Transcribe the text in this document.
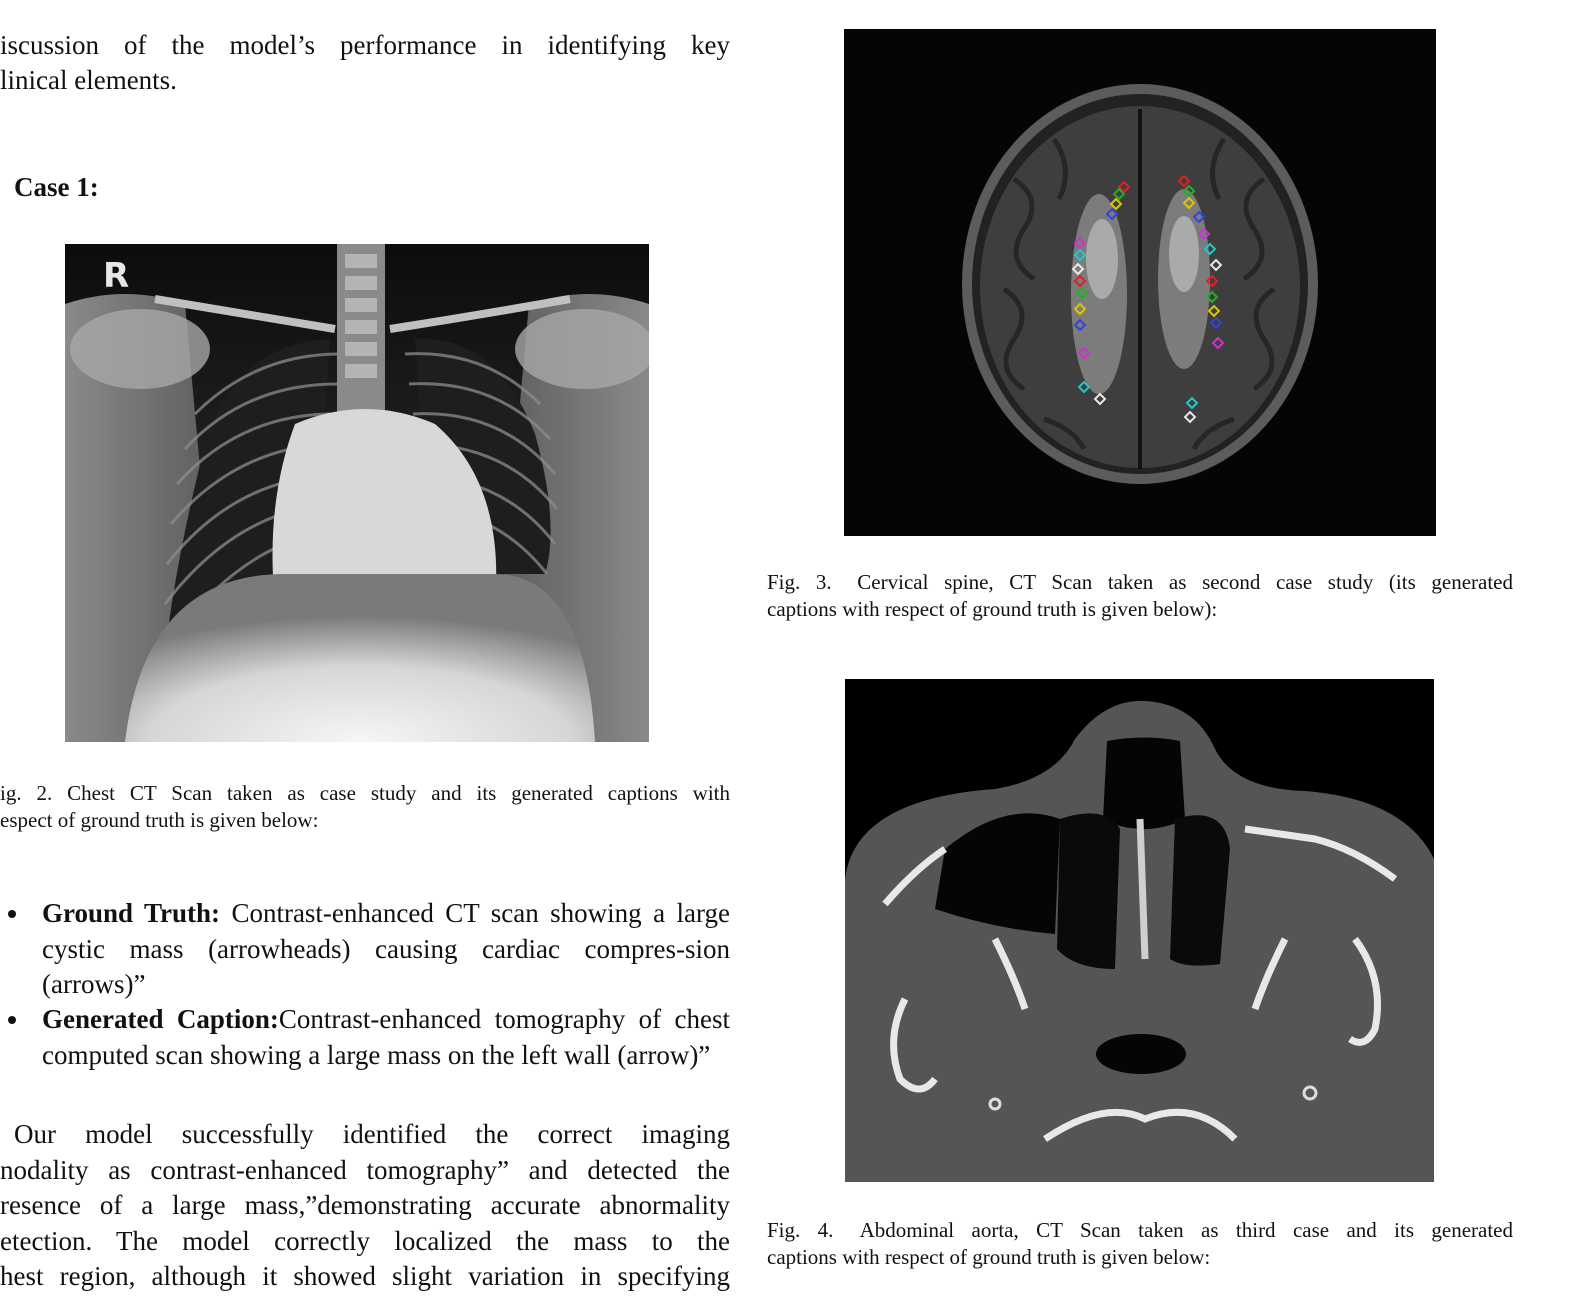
iscussion of the model’s performance in identifying key
linical elements.
Case 1:
R
ig. 2. Chest CT Scan taken as case study and its generated captions with
espect of ground truth is given below:
Ground Truth: Contrast-enhanced CT scan showing a large cystic mass (arrowheads) causing cardiac compres-sion (arrows)”
Generated Caption:Contrast-enhanced tomography of chest computed scan showing a large mass on the left wall (arrow)”
Our model successfully identified the correct imaging
nodality as contrast-enhanced tomography” and detected the
resence of a large mass,”demonstrating accurate abnormality
etection. The model correctly localized the mass to the
hest region, although it showed slight variation in specifying
Fig. 3. Cervical spine, CT Scan taken as second case study (its generated
captions with respect of ground truth is given below):
Fig. 4. Abdominal aorta, CT Scan taken as third case and its generated
captions with respect of ground truth is given below:
